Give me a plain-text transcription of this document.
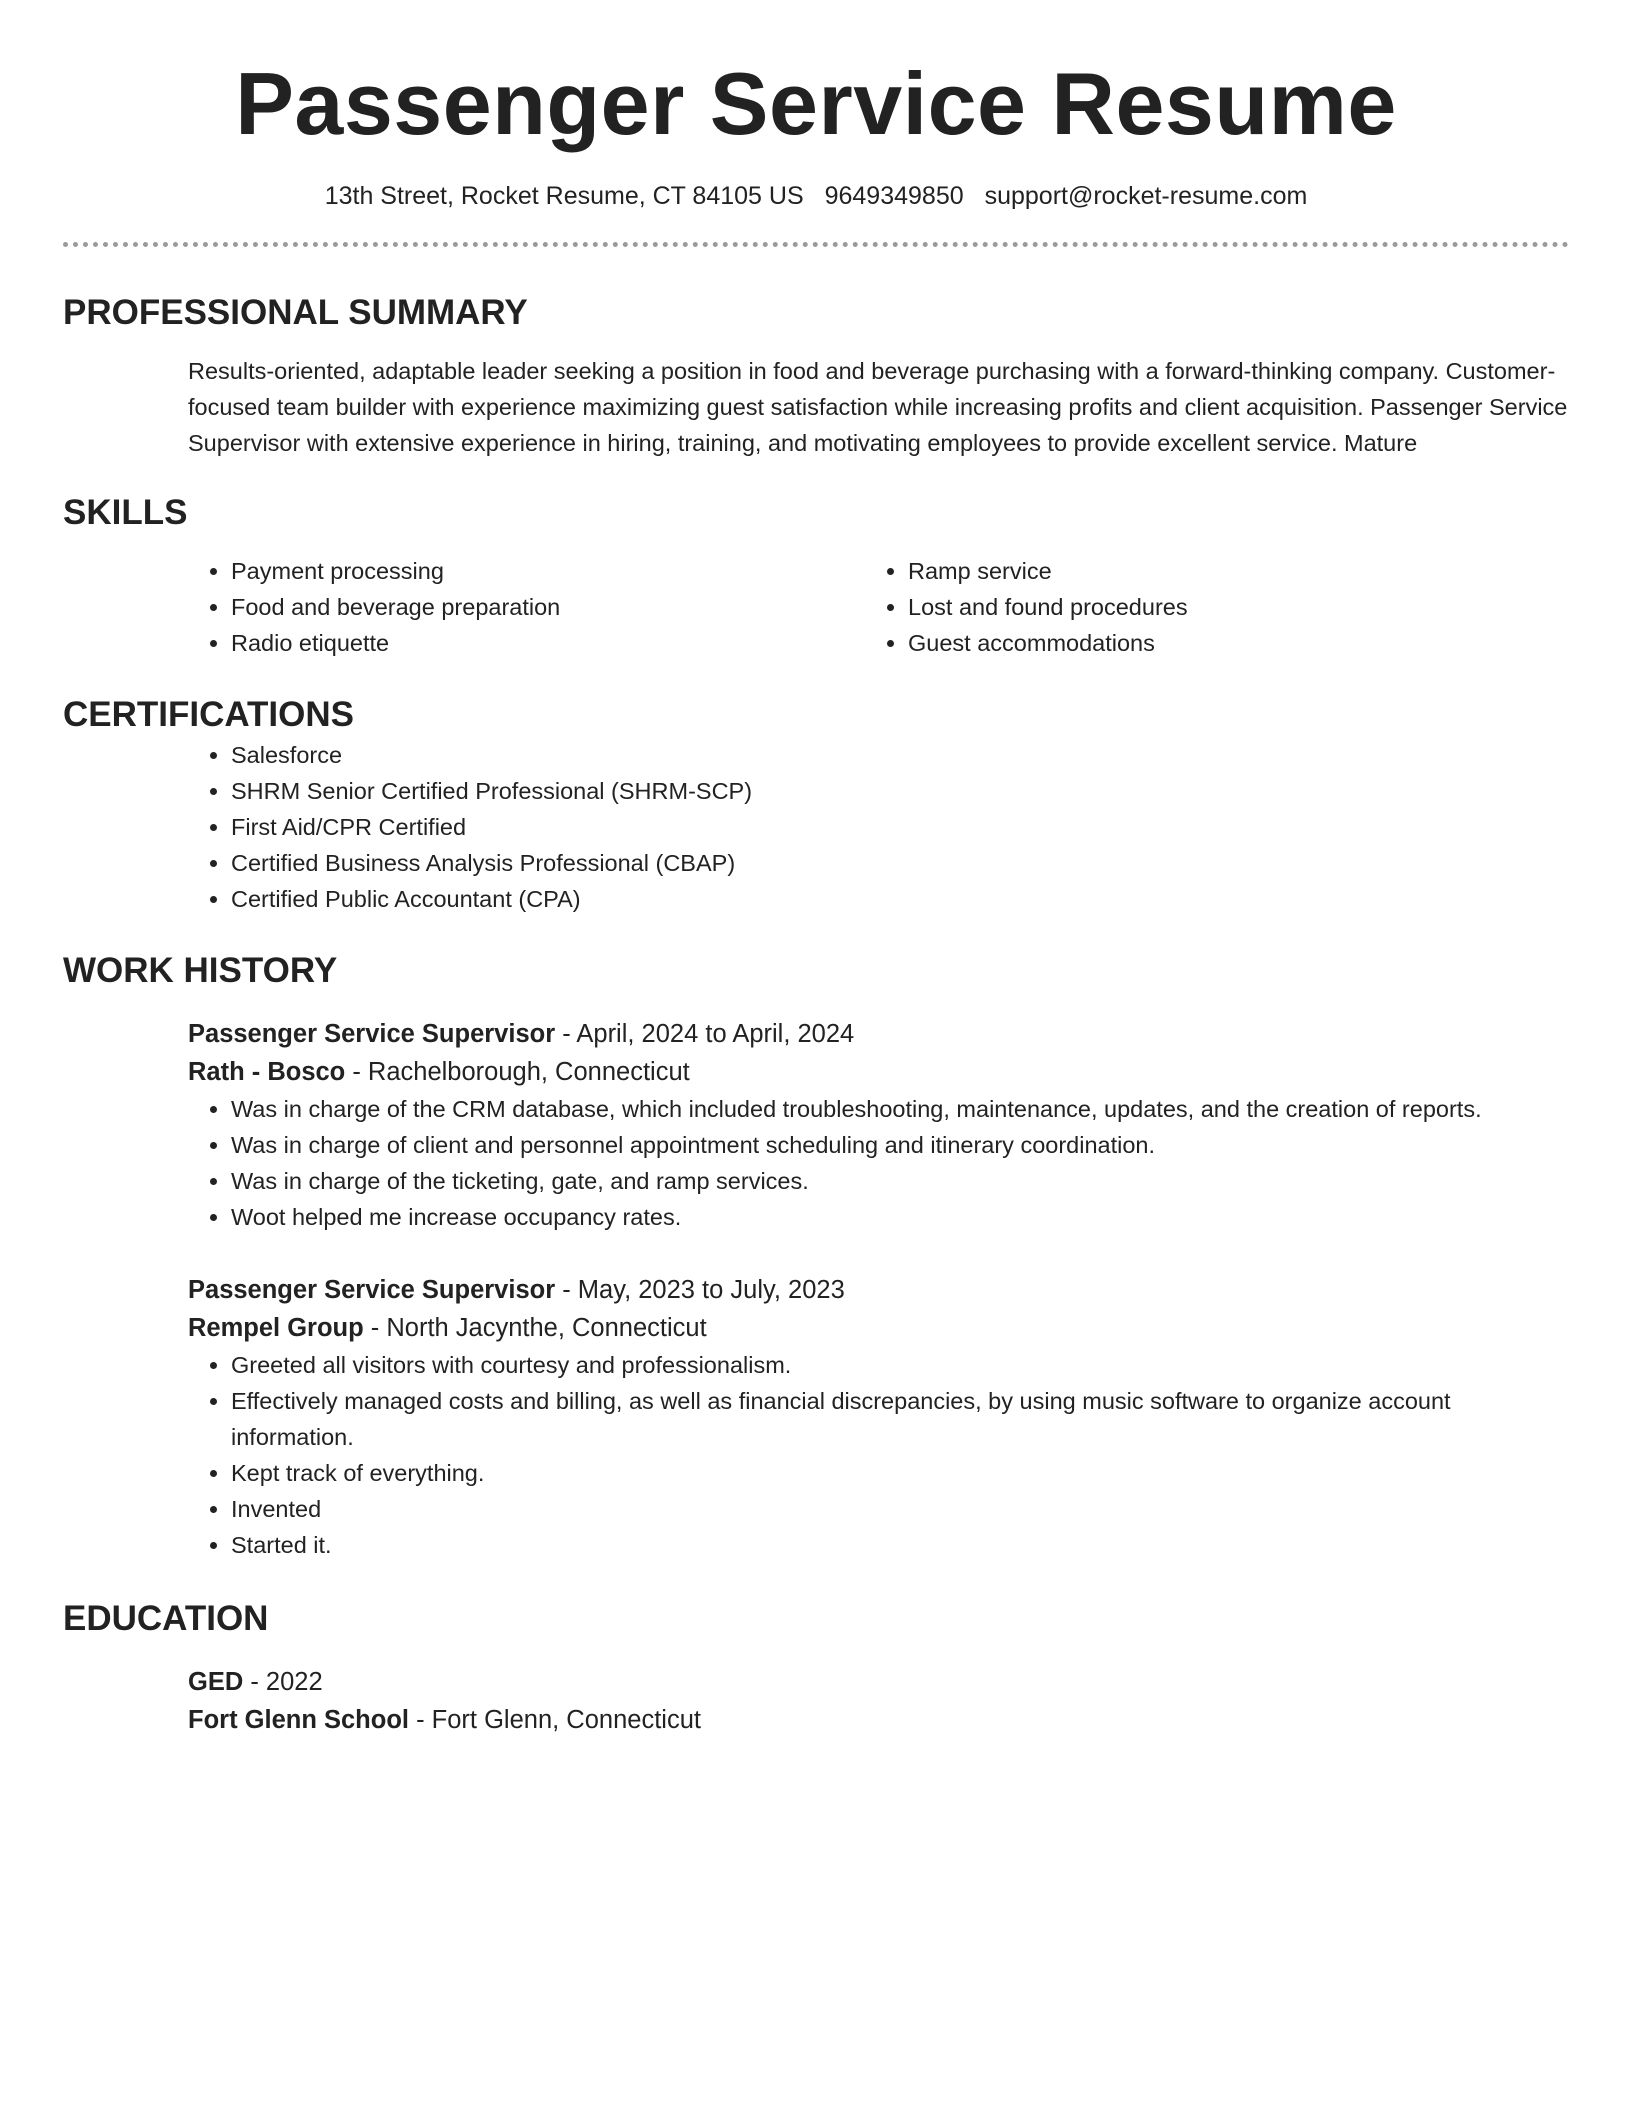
Passenger Service Resume
13th Street, Rocket Resume, CT 84105 US 9649349850 support@rocket-resume.com
PROFESSIONAL SUMMARY

Results-oriented, adaptable leader seeking a position in food and beverage purchasing with a forward-thinking company. Customer-focused team builder with experience maximizing guest satisfaction while increasing profits and client acquisition. Passenger Service Supervisor with extensive experience in hiring, training, and motivating employees to provide excellent service. Mature

SKILLS
• Payment processing
• Food and beverage preparation
• Radio etiquette
• Ramp service
• Lost and found procedures
• Guest accommodations
CERTIFICATIONS
• Salesforce
• SHRM Senior Certified Professional (SHRM-SCP)
• First Aid/CPR Certified
• Certified Business Analysis Professional (CBAP)
• Certified Public Accountant (CPA)
WORK HISTORY
Passenger Service Supervisor - April, 2024 to April, 2024
Rath - Bosco - Rachelborough, Connecticut
• Was in charge of the CRM database, which included troubleshooting, maintenance, updates, and the creation of reports.
• Was in charge of client and personnel appointment scheduling and itinerary coordination.
• Was in charge of the ticketing, gate, and ramp services.
• Woot helped me increase occupancy rates.
Passenger Service Supervisor - May, 2023 to July, 2023
Rempel Group - North Jacynthe, Connecticut
• Greeted all visitors with courtesy and professionalism.
• Effectively managed costs and billing, as well as financial discrepancies, by using music software to organize account information.
• Kept track of everything.
• Invented
• Started it.
EDUCATION
GED - 2022
Fort Glenn School - Fort Glenn, Connecticut
